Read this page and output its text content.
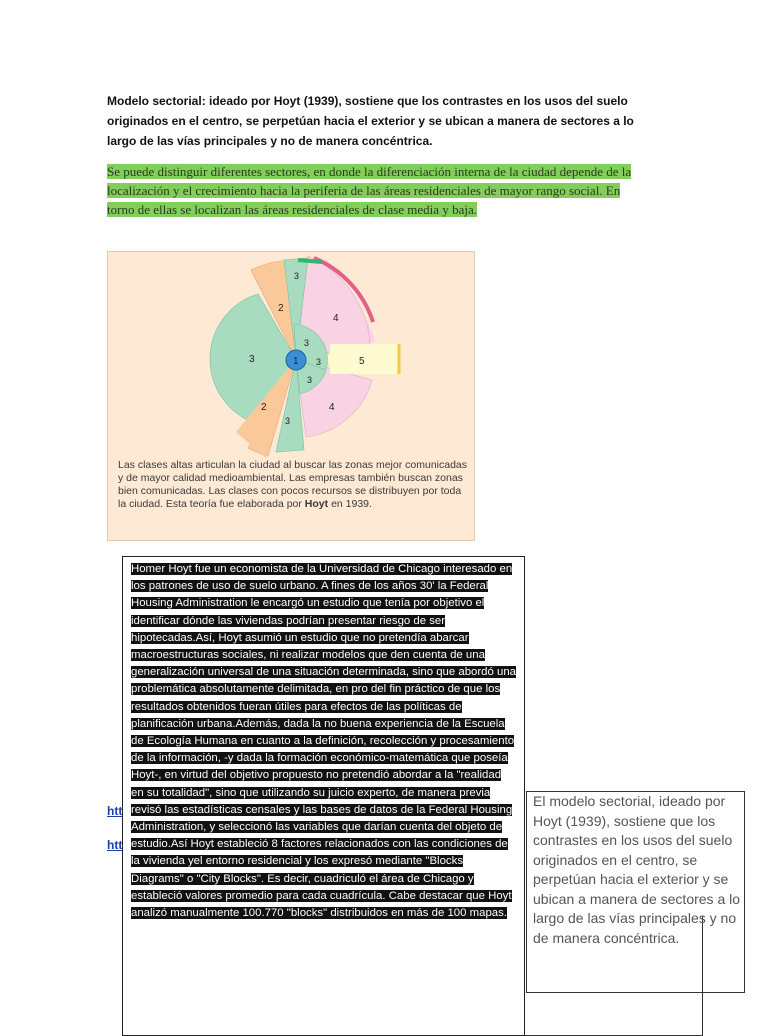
Modelo sectorial: ideado por Hoyt (1939), sostiene que los contrastes en los usos del suelo originados en el centro, se perpetúan hacia el exterior y se ubican a manera de sectores a lo largo de las vías principales y no de manera concéntrica.
Se puede distinguir diferentes sectores, en donde la diferenciación interna de la ciudad depende de la localización y el crecimiento hacia la periferia de las áreas residenciales de mayor rango social. En torno de ellas se localizan las áreas residenciales de clase media y baja.
1
2
2
3
3
3
3
3
3
4
4
5
Las clases altas articulan la ciudad al buscar las zonas mejor comunicadas y de mayor calidad medioambiental. Las empresas también buscan zonas bien comunicadas. Las clases con pocos recursos se distribuyen por toda la ciudad. Esta teoría fue elaborada por Hoyt en 1939.
Homer Hoyt fue un economista de la Universidad de Chicago interesado en los patrones de uso de suelo urbano. A fines de los años 30' la Federal Housing Administration le encargó un estudio que tenía por objetivo el identificar dónde las viviendas podrían presentar riesgo de ser hipotecadas.Así, Hoyt asumió un estudio que no pretendía abarcar macroestructuras sociales, ni realizar modelos que den cuenta de una generalización universal de una situación determinada, sino que abordó una problemática absolutamente delimitada, en pro del fin práctico de que los resultados obtenidos fueran útiles para efectos de las políticas de planificación urbana.Además, dada la no buena experiencia de la Escuela de Ecología Humana en cuanto a la definición, recolección y procesamiento de la información, -y dada la formación económico-matemática que poseía Hoyt-, en virtud del objetivo propuesto no pretendió abordar a la "realidad en su totalidad", sino que utilizando su juicio experto, de manera previa revisó las estadísticas censales y las bases de datos de la Federal Housing Administration, y seleccionó las variables que darían cuenta del objeto de estudio.Así Hoyt estableció 8 factores relacionados con las condiciones de la vivienda yel entorno residencial y los expresó mediante "Blocks Diagrams" o "City Blocks". Es decir, cuadriculó el área de Chicago y estableció valores promedio para cada cuadrícula. Cabe destacar que Hoyt analizó manualmente 100.770 "blocks" distribuidos en más de 100 mapas.
htt
htt
El modelo sectorial, ideado por Hoyt (1939), sostiene que los contrastes en los usos del suelo originados en el centro, se perpetúan hacia el exterior y se ubican a manera de sectores a lo largo de las vías principales y no de manera concéntrica.
